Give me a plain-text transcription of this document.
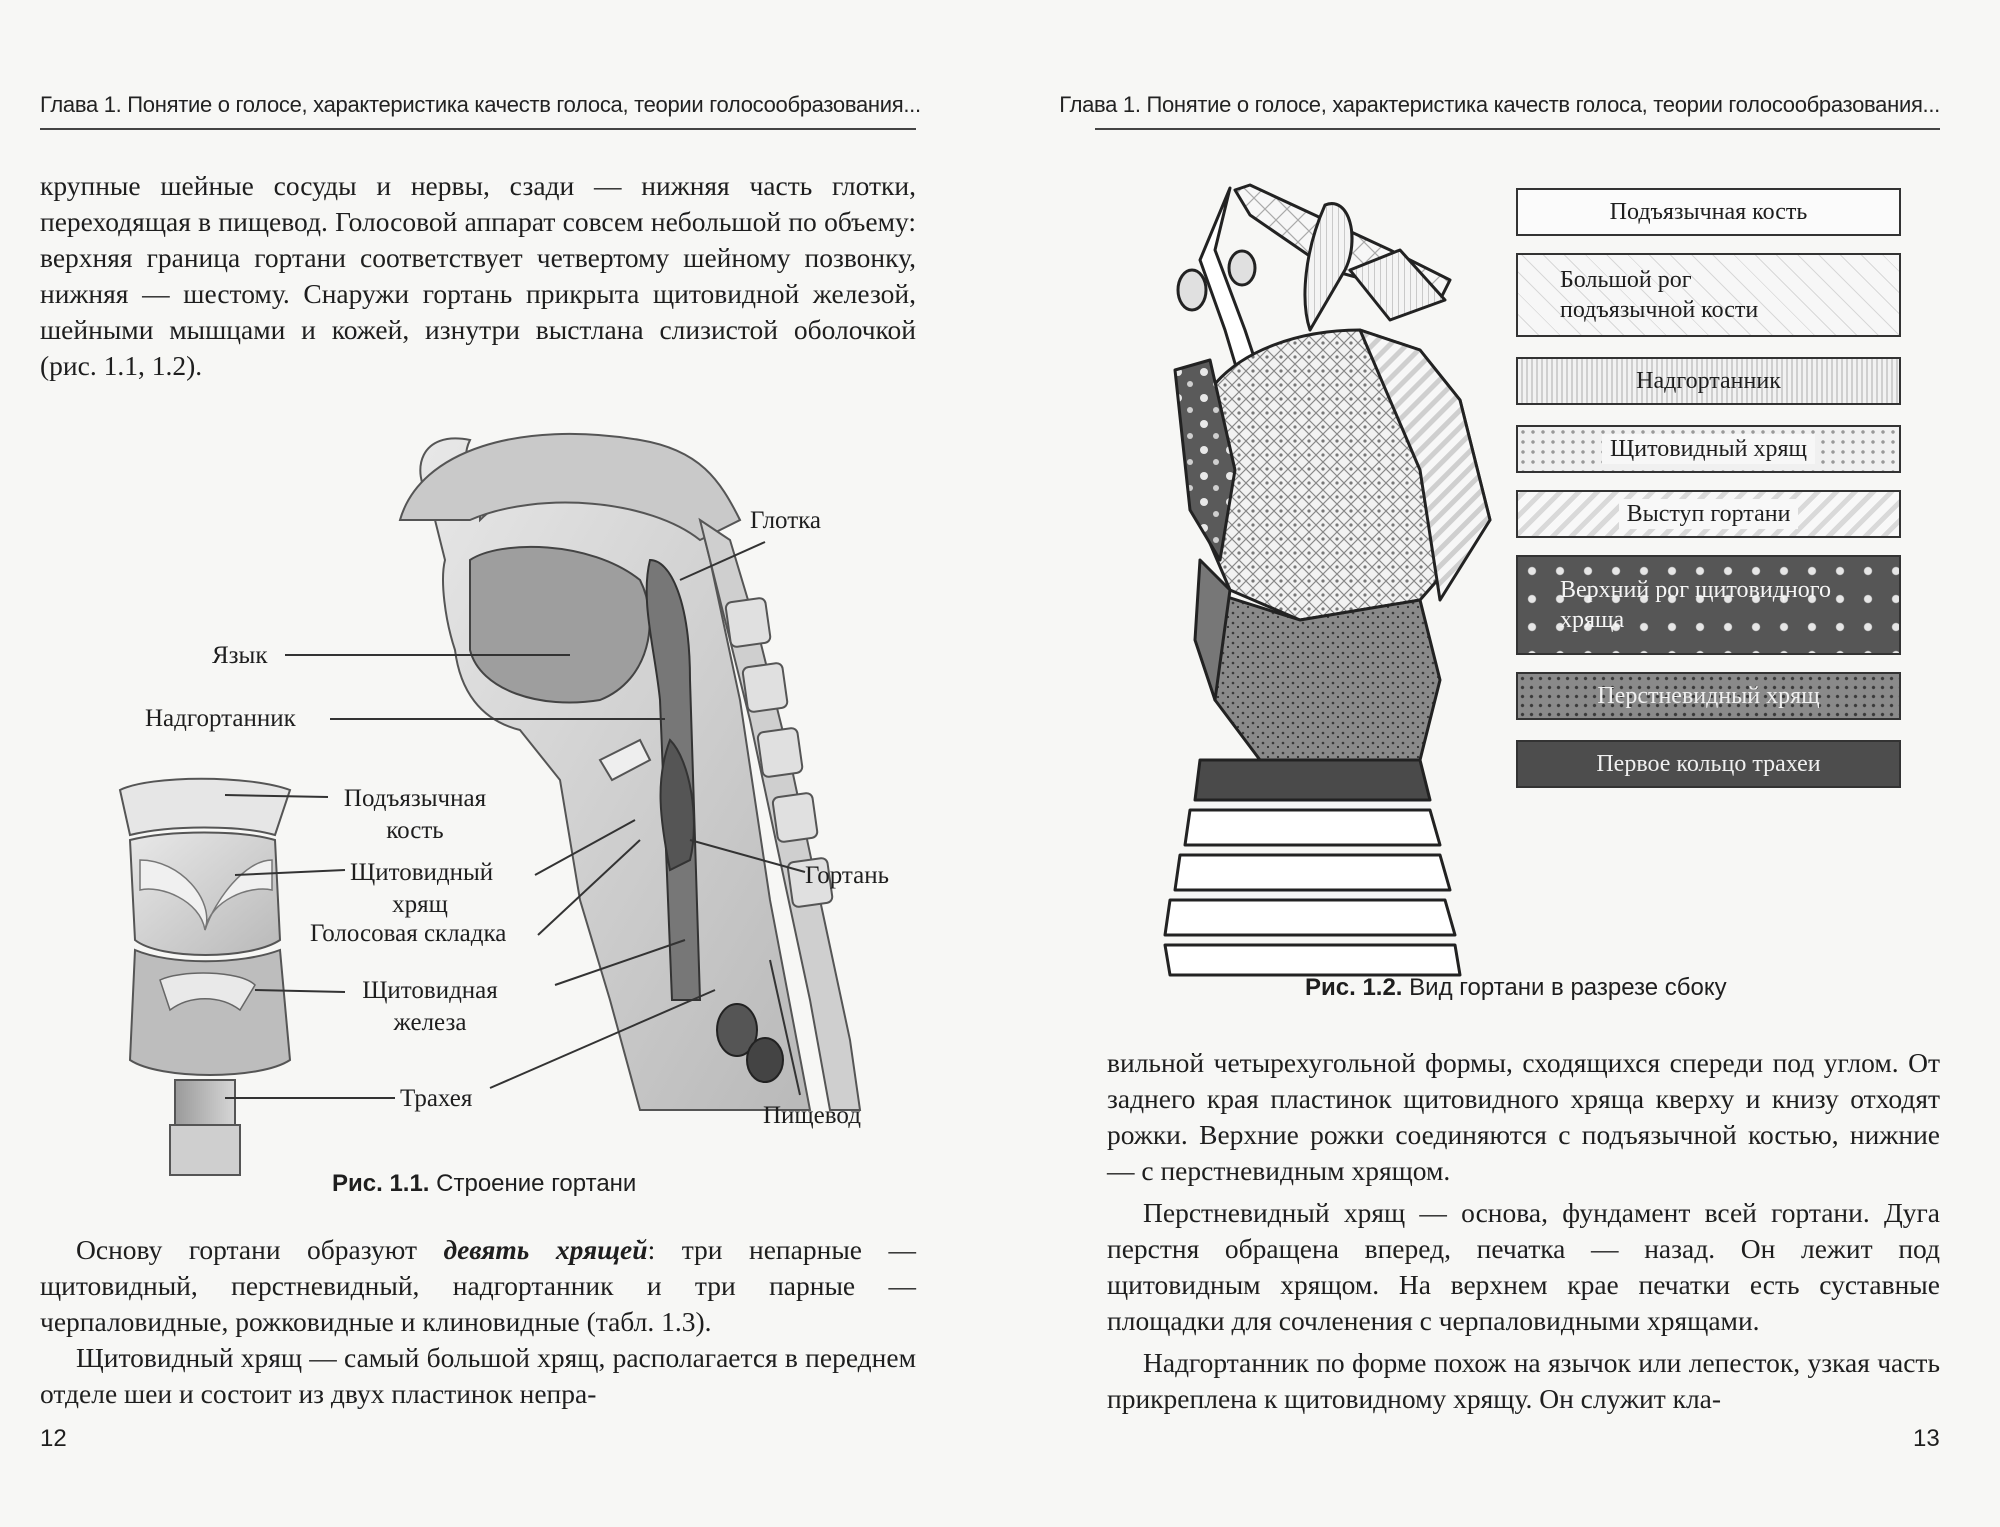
Глава 1. Понятие о голосе, характеристика качеств голоса, теории голосообразования...

крупные шейные сосуды и нервы, сзади — нижняя часть глотки, переходящая в пищевод. Голосовой аппарат совсем небольшой по объему: верхняя граница гортани соответствует четвертому шейному позвонку, нижняя — шестому. Снаружи гортань прикрыта щитовидной железой, шейными мышцами и кожей, изнутри выстлана слизистой оболочкой (рис. 1.1, 1.2).

Глотка
Язык
Надгортанник
Подъязычная кость
Щитовидный хрящ
Голосовая складка
Гортань
Щитовидная железа
Трахея
Пищевод
Рис. 1.1. Строение гортани

Основу гортани образуют девять хрящей: три непарные — щитовидный, перстневидный, надгортанник и три парные — черпаловидные, рожковидные и клиновидные (табл. 1.3).

Щитовидный хрящ — самый большой хрящ, располагается в переднем отделе шеи и состоит из двух пластинок непра-

12
Глава 1. Понятие о голосе, характеристика качеств голоса, теории голосообразования...
Подъязычная кость
Большой рог подъязычной кости
Надгортанник
Щитовидный хрящ
Выступ гортани
Верхний рог щитовидного хряща
Перстневидный хрящ
Первое кольцо трахеи
Рис. 1.2. Вид гортани в разрезе сбоку

вильной четырехугольной формы, сходящихся спереди под углом. От заднего края пластинок щитовидного хряща кверху и книзу отходят рожки. Верхние рожки соединяются с подъязычной костью, нижние — с перстневидным хрящом.

Перстневидный хрящ — основа, фундамент всей гортани. Дуга перстня обращена вперед, печатка — назад. Он лежит под щитовидным хрящом. На верхнем крае печатки есть суставные площадки для сочленения с черпаловидными хрящами.

Надгортанник по форме похож на язычок или лепесток, узкая часть прикреплена к щитовидному хрящу. Он служит кла-

13
